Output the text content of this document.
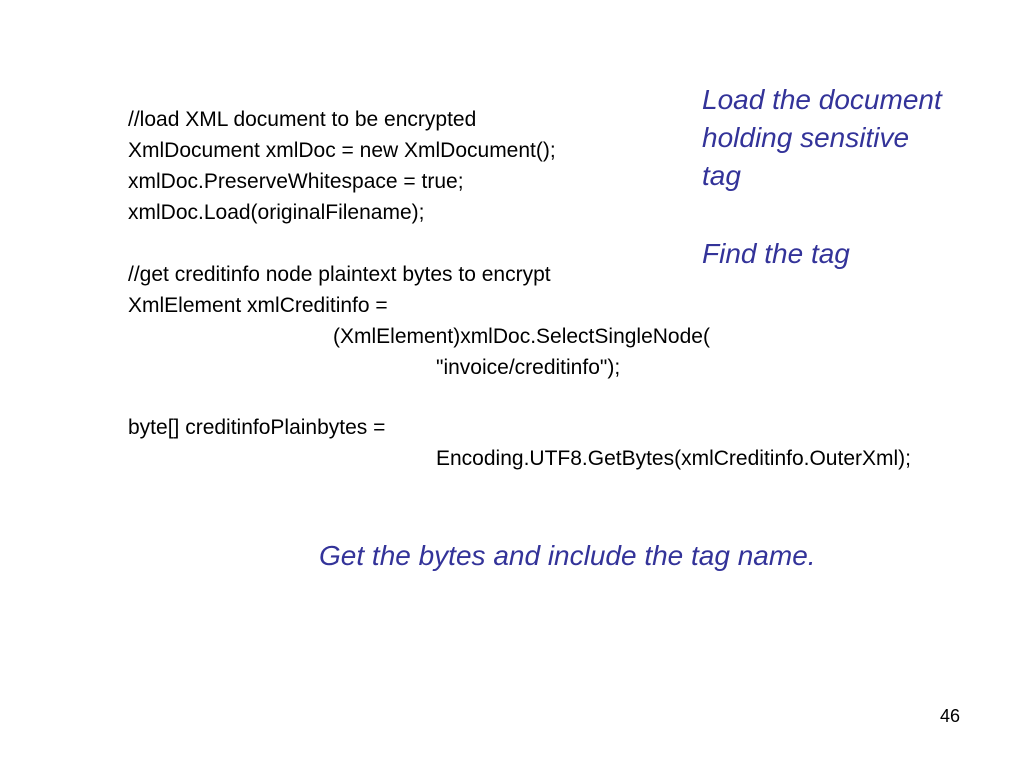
//load XML document to be encrypted
XmlDocument xmlDoc = new XmlDocument();
xmlDoc.PreserveWhitespace = true;
xmlDoc.Load(originalFilename);
//get creditinfo node plaintext bytes to encrypt
XmlElement xmlCreditinfo =
(XmlElement)xmlDoc.SelectSingleNode(
"invoice/creditinfo");
byte[] creditinfoPlainbytes =
Encoding.UTF8.GetBytes(xmlCreditinfo.OuterXml);
Load the document
holding sensitive
tag
Find the tag
Get the bytes and include the tag name.
46
